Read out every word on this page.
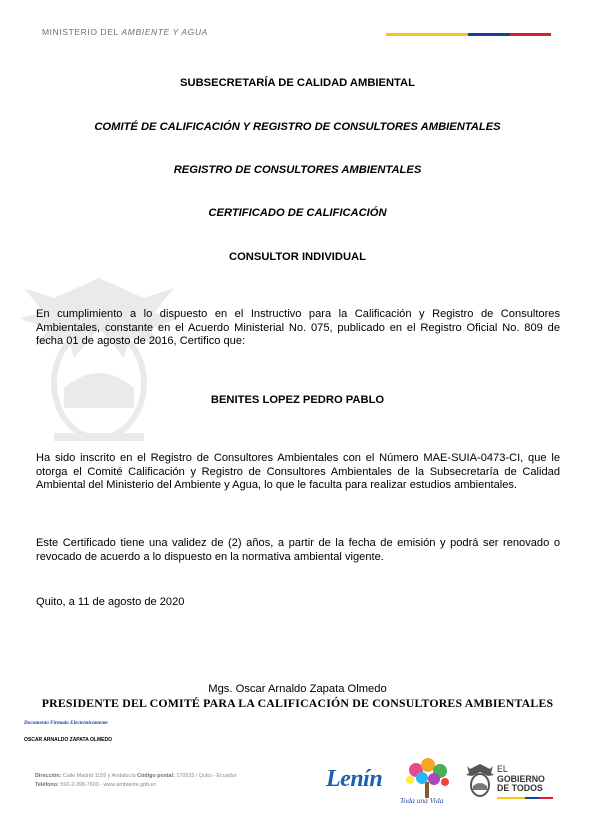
MINISTERIO DEL AMBIENTE Y AGUA
SUBSECRETARÍA DE CALIDAD AMBIENTAL
COMITÉ DE CALIFICACIÓN Y REGISTRO DE CONSULTORES AMBIENTALES
REGISTRO DE CONSULTORES AMBIENTALES
CERTIFICADO DE CALIFICACIÓN
CONSULTOR INDIVIDUAL
En cumplimiento a lo dispuesto en el Instructivo para la Calificación y Registro de Consultores Ambientales, constante en el Acuerdo Ministerial No. 075, publicado en el Registro Oficial No. 809 de fecha 01 de agosto de 2016, Certifico que:
BENITES LOPEZ PEDRO PABLO
Ha sido inscrito en el Registro de Consultores Ambientales con el Número MAE-SUIA-0473-CI, que le otorga el Comité Calificación y Registro de Consultores Ambientales de la Subsecretaría de Calidad Ambiental del Ministerio del Ambiente y Agua, lo que le faculta para realizar estudios ambientales.
Este Certificado tiene una validez de (2) años, a partir de la fecha de emisión y podrá ser renovado o revocado de acuerdo a lo dispuesto en la normativa ambiental vigente.
Quito, a 11 de agosto de 2020
Mgs. Oscar Arnaldo Zapata Olmedo
PRESIDENTE DEL COMITÉ PARA LA CALIFICACIÓN DE CONSULTORES AMBIENTALES
Documento Firmado Electrónicamente
OSCAR ARNALDO ZAPATA OLMEDO
Dirección: Calle Madrid 1159 y Andalucía Código postal: 170525 / Quito - Ecuador
Teléfono: 593-2-398-7600 - www.ambiente.gob.ec	Lenín
Toda una Vida
EL
GOBIERNO
DE TODOS
